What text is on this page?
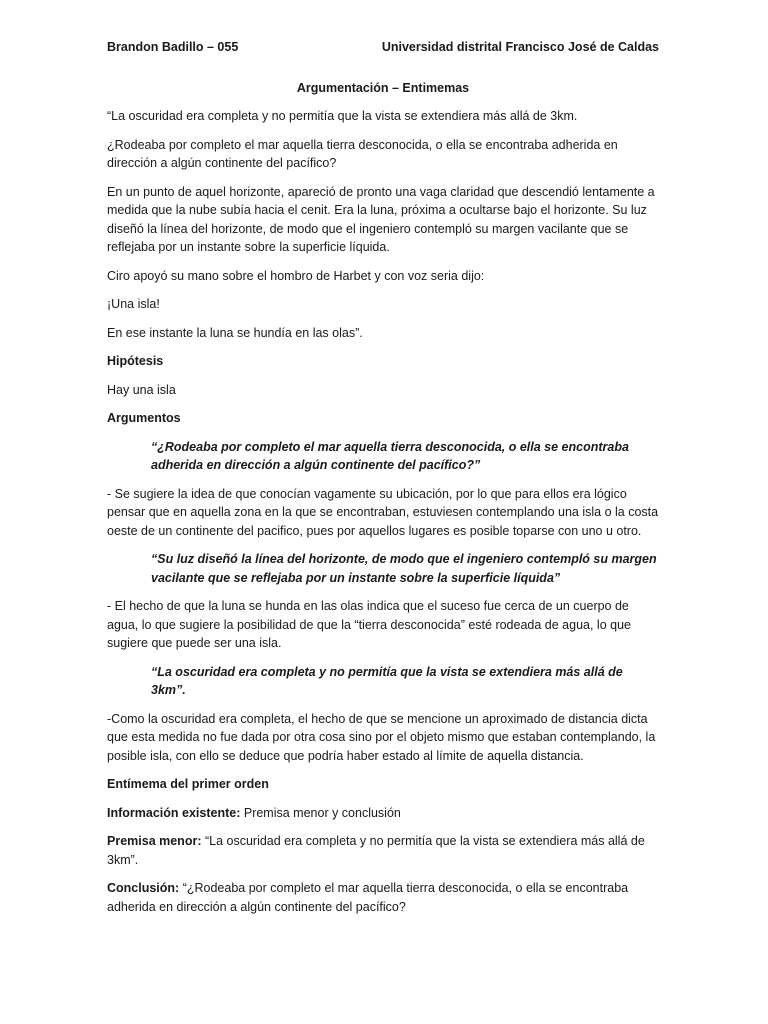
Brandon Badillo – 055	Universidad distrital Francisco José de Caldas
Argumentación – Entimemas

“La oscuridad era completa y no permitía que la vista se extendiera más allá de 3km.

¿Rodeaba por completo el mar aquella tierra desconocida, o ella se encontraba adherida en dirección a algún continente del pacífico?

En un punto de aquel horizonte, apareció de pronto una vaga claridad que descendió lentamente a medida que la nube subía hacia el cenit. Era la luna, próxima a ocultarse bajo el horizonte. Su luz diseñó la línea del horizonte, de modo que el ingeniero contempló su margen vacilante que se reflejaba por un instante sobre la superficie líquida.

Ciro apoyó su mano sobre el hombro de Harbet y con voz seria dijo:

¡Una isla!

En ese instante la luna se hundía en las olas”.

Hipótesis

Hay una isla

Argumentos

“¿Rodeaba por completo el mar aquella tierra desconocida, o ella se encontraba adherida en dirección a algún continente del pacífico?”

- Se sugiere la idea de que conocían vagamente su ubicación, por lo que para ellos era lógico pensar que en aquella zona en la que se encontraban, estuviesen contemplando una isla o la costa oeste de un continente del pacifico, pues por aquellos lugares es posible toparse con uno u otro.

“Su luz diseñó la línea del horizonte, de modo que el ingeniero contempló su margen vacilante que se reflejaba por un instante sobre la superficie líquida”

- El hecho de que la luna se hunda en las olas indica que el suceso fue cerca de un cuerpo de agua, lo que sugiere la posibilidad de que la “tierra desconocida” esté rodeada de agua, lo que sugiere que puede ser una isla.

“La oscuridad era completa y no permitía que la vista se extendiera más allá de 3km”.

-Como la oscuridad era completa, el hecho de que se mencione un aproximado de distancia dicta que esta medida no fue dada por otra cosa sino por el objeto mismo que estaban contemplando, la posible isla, con ello se deduce que podría haber estado al límite de aquella distancia.

Entímema del primer orden

Información existente: Premisa menor y conclusión

Premisa menor: “La oscuridad era completa y no permitía que la vista se extendiera más allá de 3km”.

Conclusión: “¿Rodeaba por completo el mar aquella tierra desconocida, o ella se encontraba adherida en dirección a algún continente del pacífico?
